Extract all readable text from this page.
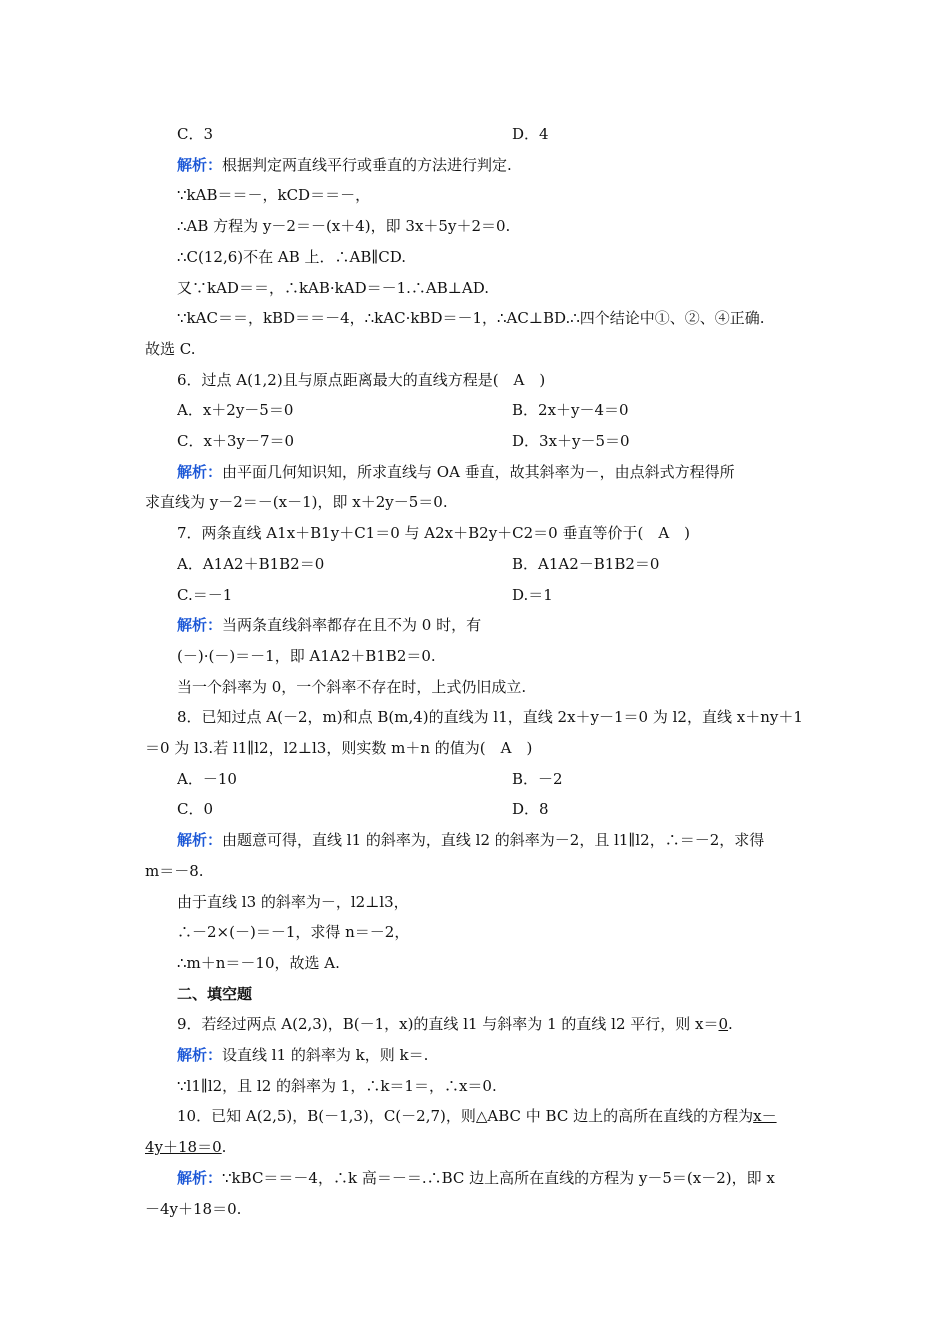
C．3	D．4
解析：根据判定两直线平行或垂直的方法进行判定.
∵kAB＝＝－，kCD＝＝－，
∴AB 方程为 y－2＝－(x＋4)，即 3x＋5y＋2＝0.
∴C(12,6)不在 AB 上．∴AB∥CD.
又∵kAD＝＝，∴kAB·kAD＝－1.∴AB⊥AD.
∵kAC＝＝，kBD＝＝－4，∴kAC·kBD＝－1，∴AC⊥BD.∴四个结论中①、②、④正确.
故选 C.
6．过点 A(1,2)且与原点距离最大的直线方程是(　A　)
A．x＋2y－5＝0	B．2x＋y－4＝0
C．x＋3y－7＝0	D．3x＋y－5＝0
解析：由平面几何知识知，所求直线与 OA 垂直，故其斜率为－，由点斜式方程得所
求直线为 y－2＝－(x－1)，即 x＋2y－5＝0.
7．两条直线 A1x＋B1y＋C1＝0 与 A2x＋B2y＋C2＝0 垂直等价于(　A　)
A．A1A2＋B1B2＝0	B．A1A2－B1B2＝0
C.＝－1	D.＝1
解析：当两条直线斜率都存在且不为 0 时，有
(－)·(－)＝－1，即 A1A2＋B1B2＝0.
当一个斜率为 0，一个斜率不存在时，上式仍旧成立.
8．已知过点 A(－2，m)和点 B(m,4)的直线为 l1，直线 2x＋y－1＝0 为 l2，直线 x＋ny＋1
＝0 为 l3.若 l1∥l2，l2⊥l3，则实数 m＋n 的值为(　A　)
A．－10	B．－2
C．0	D．8
解析：由题意可得，直线 l1 的斜率为，直线 l2 的斜率为－2，且 l1∥l2，∴＝－2，求得
m＝－8.
由于直线 l3 的斜率为－，l2⊥l3，
∴－2×(－)＝－1，求得 n＝－2，
∴m＋n＝－10，故选 A.
二、填空题
9．若经过两点 A(2,3)，B(－1，x)的直线 l1 与斜率为 1 的直线 l2 平行，则 x＝0.
解析：设直线 l1 的斜率为 k，则 k＝.
∵l1∥l2，且 l2 的斜率为 1，∴k＝1＝，∴x＝0.
10．已知 A(2,5)，B(－1,3)，C(－2,7)，则△ABC 中 BC 边上的高所在直线的方程为x－
4y＋18＝0.
解析：∵kBC＝＝－4，∴k 高＝－＝.∴BC 边上高所在直线的方程为 y－5＝(x－2)，即 x
－4y＋18＝0.
